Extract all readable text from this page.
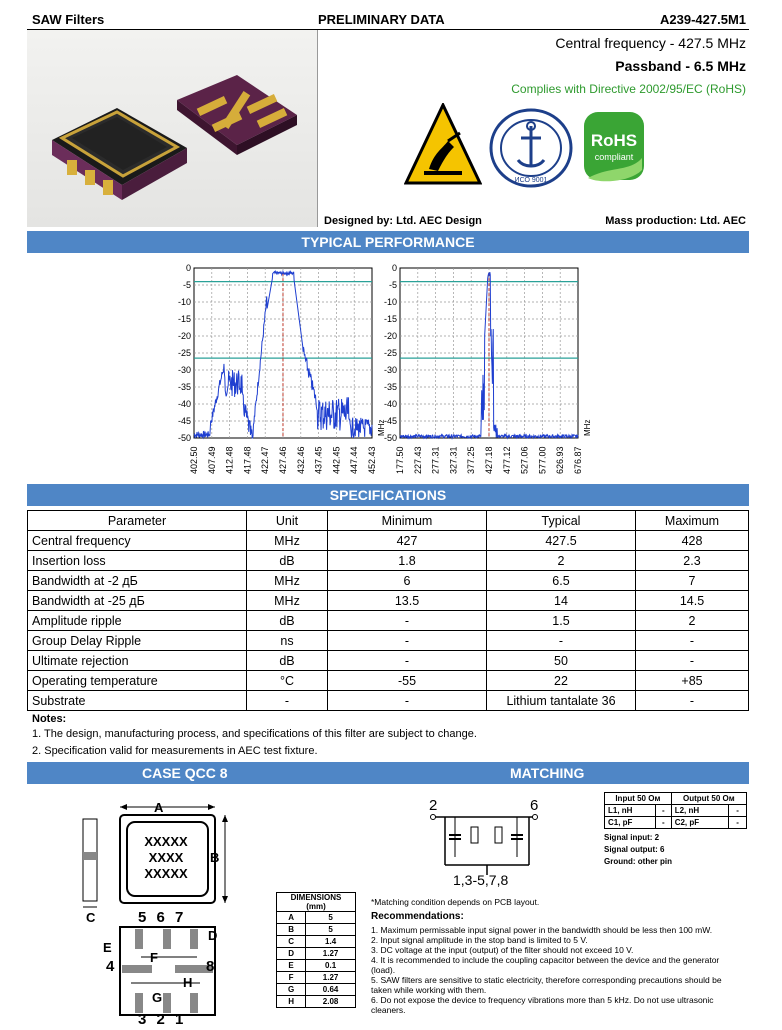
SAW Filters	PRELIMINARY DATA	A239-427.5M1
Central frequency - 427.5 MHz
Passband - 6.5 MHz
Complies with Directive 2002/95/EC (RoHS)
ИСО 9001
RoHS
compliant
Designed by: Ltd. AEC Design	Mass production: Ltd. AEC
TYPICAL PERFORMANCE
402.50 407.49 412.48 417.48 422.47 427.46 432.46 437.45 442.45 447.44 452.43
0
-5
-10
-15
-20
-25
-30
-35
-40
-45
-50
MHz
177.50 227.43 277.31 327.31 377.25 427.18 477.12 527.06 577.00 626.93 676.87
0
-5
-10
-15
-20
-25
-30
-35
-40
-45
-50
MHz
SPECIFICATIONS
Parameter	Unit	Minimum	Typical	Maximum
Central frequency	MHz	427	427.5	428
Insertion loss	dB	1.8	2	2.3
Bandwidth at -2 дБ	MHz	6	6.5	7
Bandwidth at -25 дБ	MHz	13.5	14	14.5
Amplitude ripple	dB	-	1.5	2
Group Delay Ripple	ns	-	-	-
Ultimate rejection	dB	-	50	-
Operating temperature	°C	-55	22	+85
Substrate	-	-	Lithium tantalate 36	-
Notes:
1. The design, manufacturing process, and specifications of this filter are subject to change.
2. Specification valid for measurements in AEC test fixture.
CASE QCC 8	MATCHING
A
B
C
D
E
F
G
H
XXXXX
XXXX
XXXXX
5 6 7
3 2 1
4	8
DIMENSIONS (mm)	
A	5
B	5
C	1.4
D	1.27
E	0.1
F	1.27
G	0.64
H	2.08
2	6
1,3-5,7,8
Input 50 Ом		Output 50 Ом	
L1, nH	-	L2, nH	-
C1, pF	-	C2, pF	-
Signal input: 2
Signal output: 6
Ground: other pin
*Matching condition depends on PCB layout.
Recommendations:
1. Maximum permissable input signal power in the bandwidth should be less then 100 mW.
2. Input signal amplitude in the stop band is limited to 5 V.
3. DC voltage at the input (output) of the filter should not exceed 10 V.
4. It is recommended to include the coupling capacitor between the device and the generator (load).
5. SAW filters are sensitive to static electricity, therefore corresponding precautions should be taken while working with them.
6. Do not expose the device to frequency vibrations more than 5 kHz. Do not use ultrasonic cleaners.
